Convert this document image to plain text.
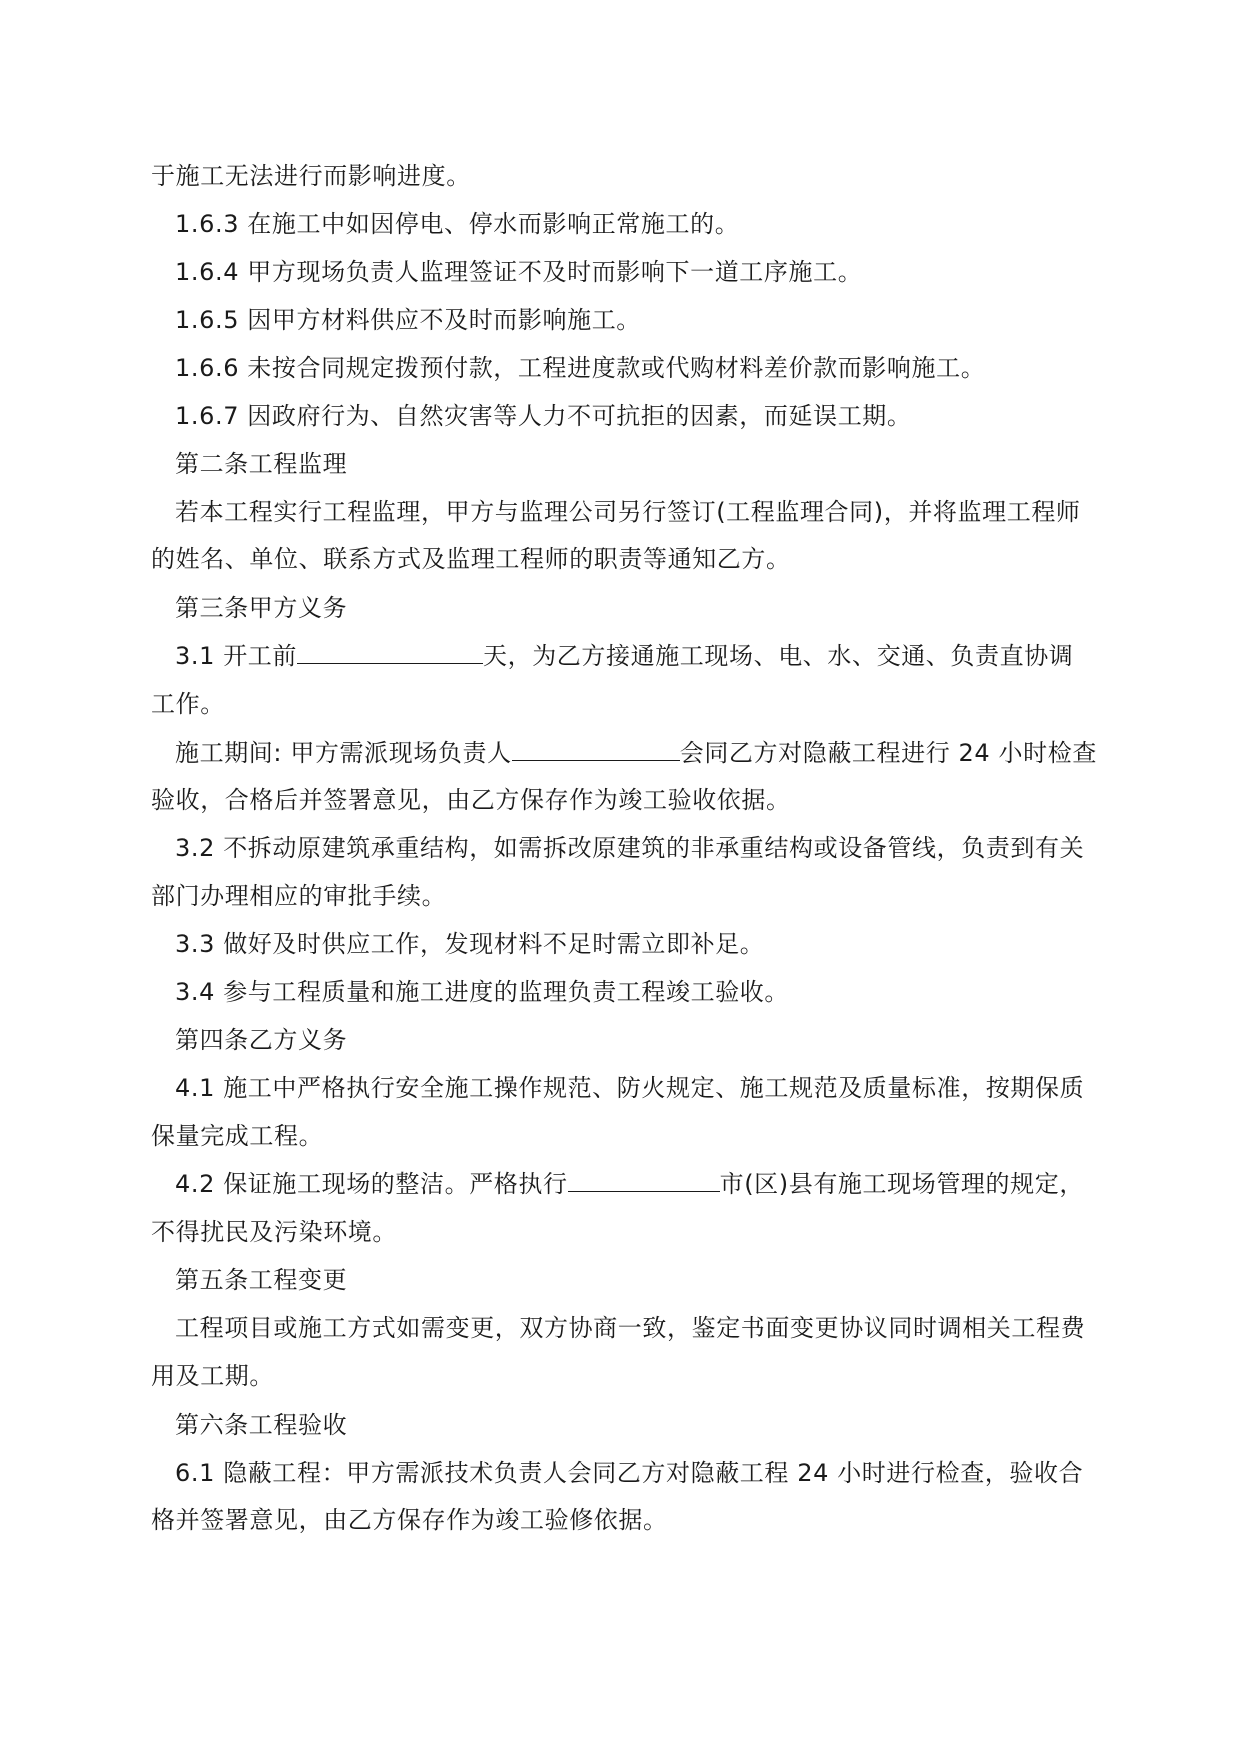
于施工无法进行而影响进度。
1.6.3 在施工中如因停电、停水而影响正常施工的。
1.6.4 甲方现场负责人监理签证不及时而影响下一道工序施工。
1.6.5 因甲方材料供应不及时而影响施工。
1.6.6 未按合同规定拨预付款，工程进度款或代购材料差价款而影响施工。
1.6.7 因政府行为、自然灾害等人力不可抗拒的因素，而延误工期。
第二条工程监理
若本工程实行工程监理，甲方与监理公司另行签订(工程监理合同)，并将监理工程师
的姓名、单位、联系方式及监理工程师的职责等通知乙方。
第三条甲方义务
3.1 开工前	天，为乙方接通施工现场、电、水、交通、负责直协调
工作。
施工期间: 甲方需派现场负责人	会同乙方对隐蔽工程进行 24 小时检查
验收，合格后并签署意见，由乙方保存作为竣工验收依据。
3.2 不拆动原建筑承重结构，如需拆改原建筑的非承重结构或设备管线，负责到有关
部门办理相应的审批手续。
3.3 做好及时供应工作，发现材料不足时需立即补足。
3.4 参与工程质量和施工进度的监理负责工程竣工验收。
第四条乙方义务
4.1 施工中严格执行安全施工操作规范、防火规定、施工规范及质量标准，按期保质
保量完成工程。
4.2 保证施工现场的整洁。严格执行	市(区)县有施工现场管理的规定，
不得扰民及污染环境。
第五条工程变更
工程项目或施工方式如需变更，双方协商一致，鉴定书面变更协议同时调相关工程费
用及工期。
第六条工程验收
6.1 隐蔽工程：甲方需派技术负责人会同乙方对隐蔽工程 24 小时进行检查，验收合
格并签署意见，由乙方保存作为竣工验修依据。
